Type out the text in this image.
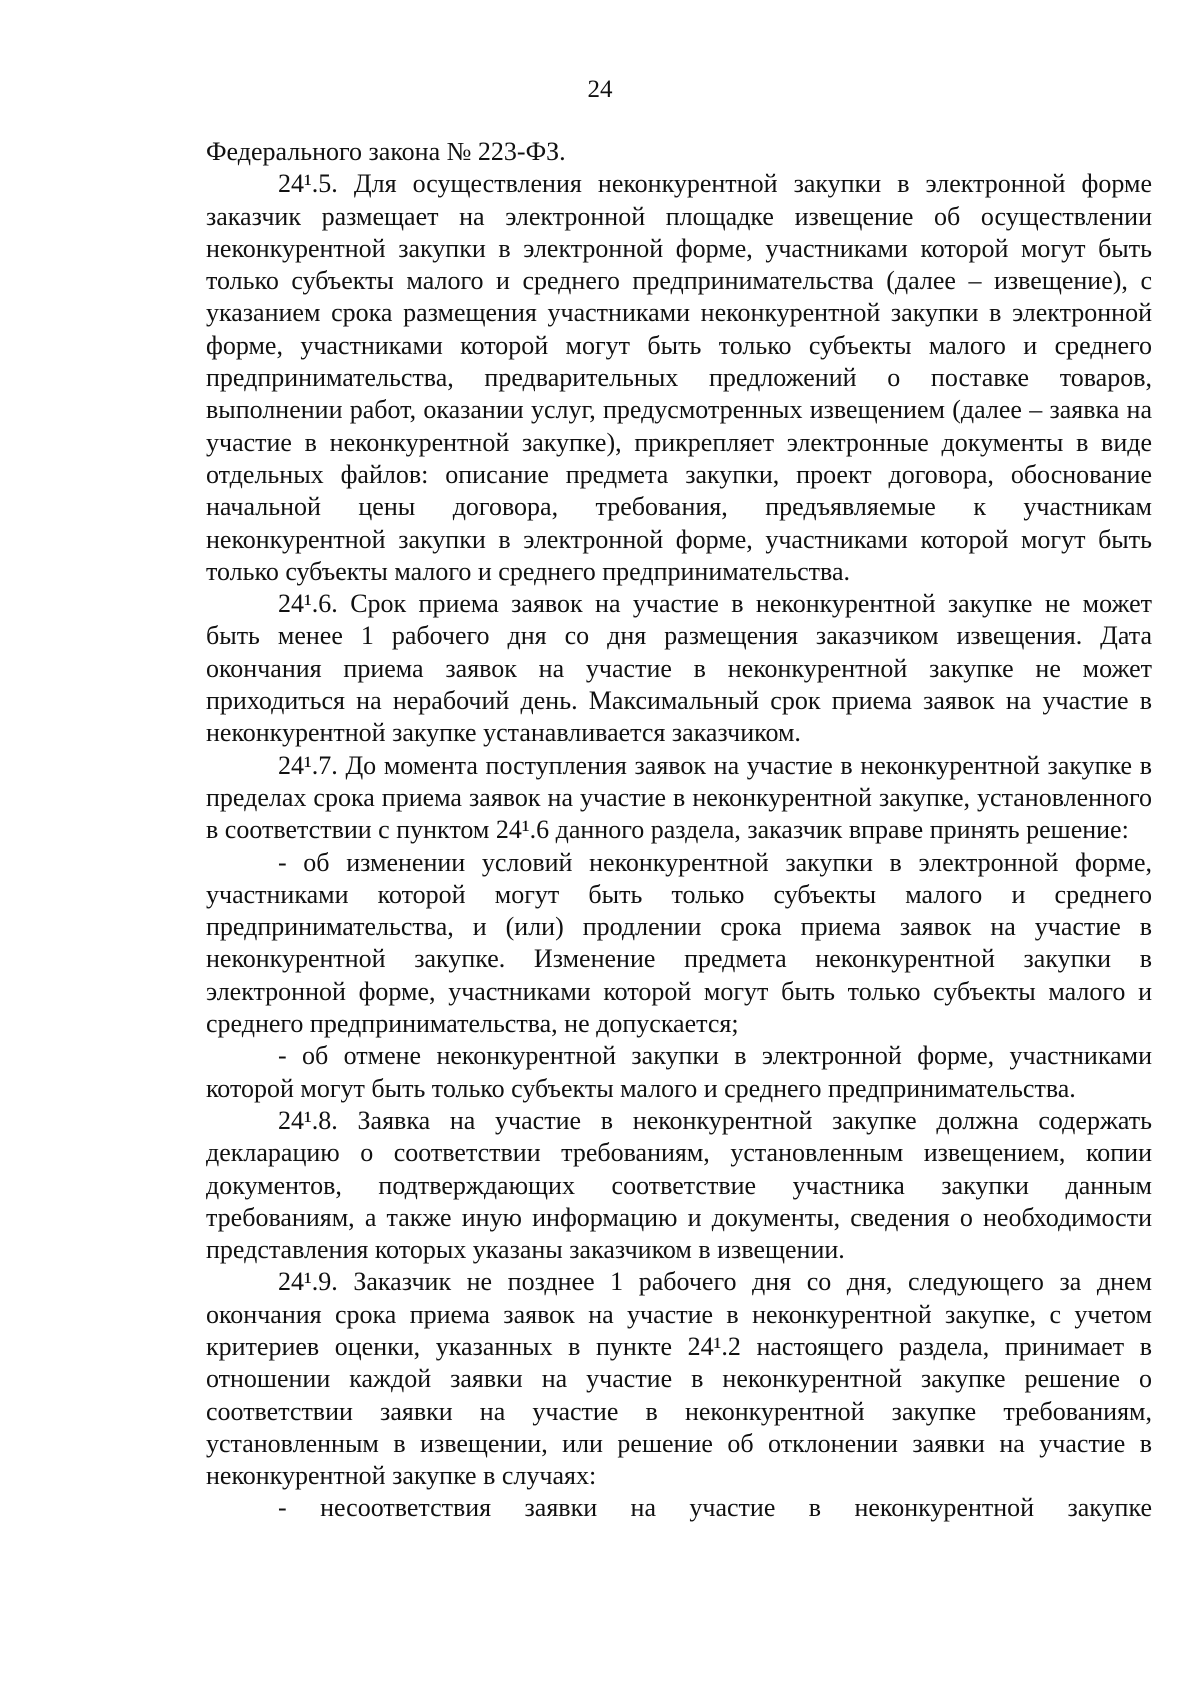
24

Федерального закона № 223-ФЗ.

24¹.5. Для осуществления неконкурентной закупки в электронной форме заказчик размещает на электронной площадке извещение об осуществлении неконкурентной закупки в электронной форме, участниками которой могут быть только субъекты малого и среднего предпринимательства (далее – извещение), с указанием срока размещения участниками неконкурентной закупки в электронной форме, участниками которой могут быть только субъекты малого и среднего предпринимательства, предварительных предложений о поставке товаров, выполнении работ, оказании услуг, предусмотренных извещением (далее – заявка на участие в неконкурентной закупке), прикрепляет электронные документы в виде отдельных файлов: описание предмета закупки, проект договора, обоснование начальной цены договора, требования, предъявляемые к участникам неконкурентной закупки в электронной форме, участниками которой могут быть только субъекты малого и среднего предпринимательства.

24¹.6. Срок приема заявок на участие в неконкурентной закупке не может быть менее 1 рабочего дня со дня размещения заказчиком извещения. Дата окончания приема заявок на участие в неконкурентной закупке не может приходиться на нерабочий день. Максимальный срок приема заявок на участие в неконкурентной закупке устанавливается заказчиком.

24¹.7. До момента поступления заявок на участие в неконкурентной закупке в пределах срока приема заявок на участие в неконкурентной закупке, установленного в соответствии с пунктом 24¹.6 данного раздела, заказчик вправе принять решение:

- об изменении условий неконкурентной закупки в электронной форме, участниками которой могут быть только субъекты малого и среднего предпринимательства, и (или) продлении срока приема заявок на участие в неконкурентной закупке. Изменение предмета неконкурентной закупки в электронной форме, участниками которой могут быть только субъекты малого и среднего предпринимательства, не допускается;

- об отмене неконкурентной закупки в электронной форме, участниками которой могут быть только субъекты малого и среднего предпринимательства.

24¹.8. Заявка на участие в неконкурентной закупке должна содержать декларацию о соответствии требованиям, установленным извещением, копии документов, подтверждающих соответствие участника закупки данным требованиям, а также иную информацию и документы, сведения о необходимости представления которых указаны заказчиком в извещении.

24¹.9. Заказчик не позднее 1 рабочего дня со дня, следующего за днем окончания срока приема заявок на участие в неконкурентной закупке, с учетом критериев оценки, указанных в пункте 24¹.2 настоящего раздела, принимает в отношении каждой заявки на участие в неконкурентной закупке решение о соответствии заявки на участие в неконкурентной закупке требованиям, установленным в извещении, или решение об отклонении заявки на участие в неконкурентной закупке в случаях:

- несоответствия заявки на участие в неконкурентной закупке
